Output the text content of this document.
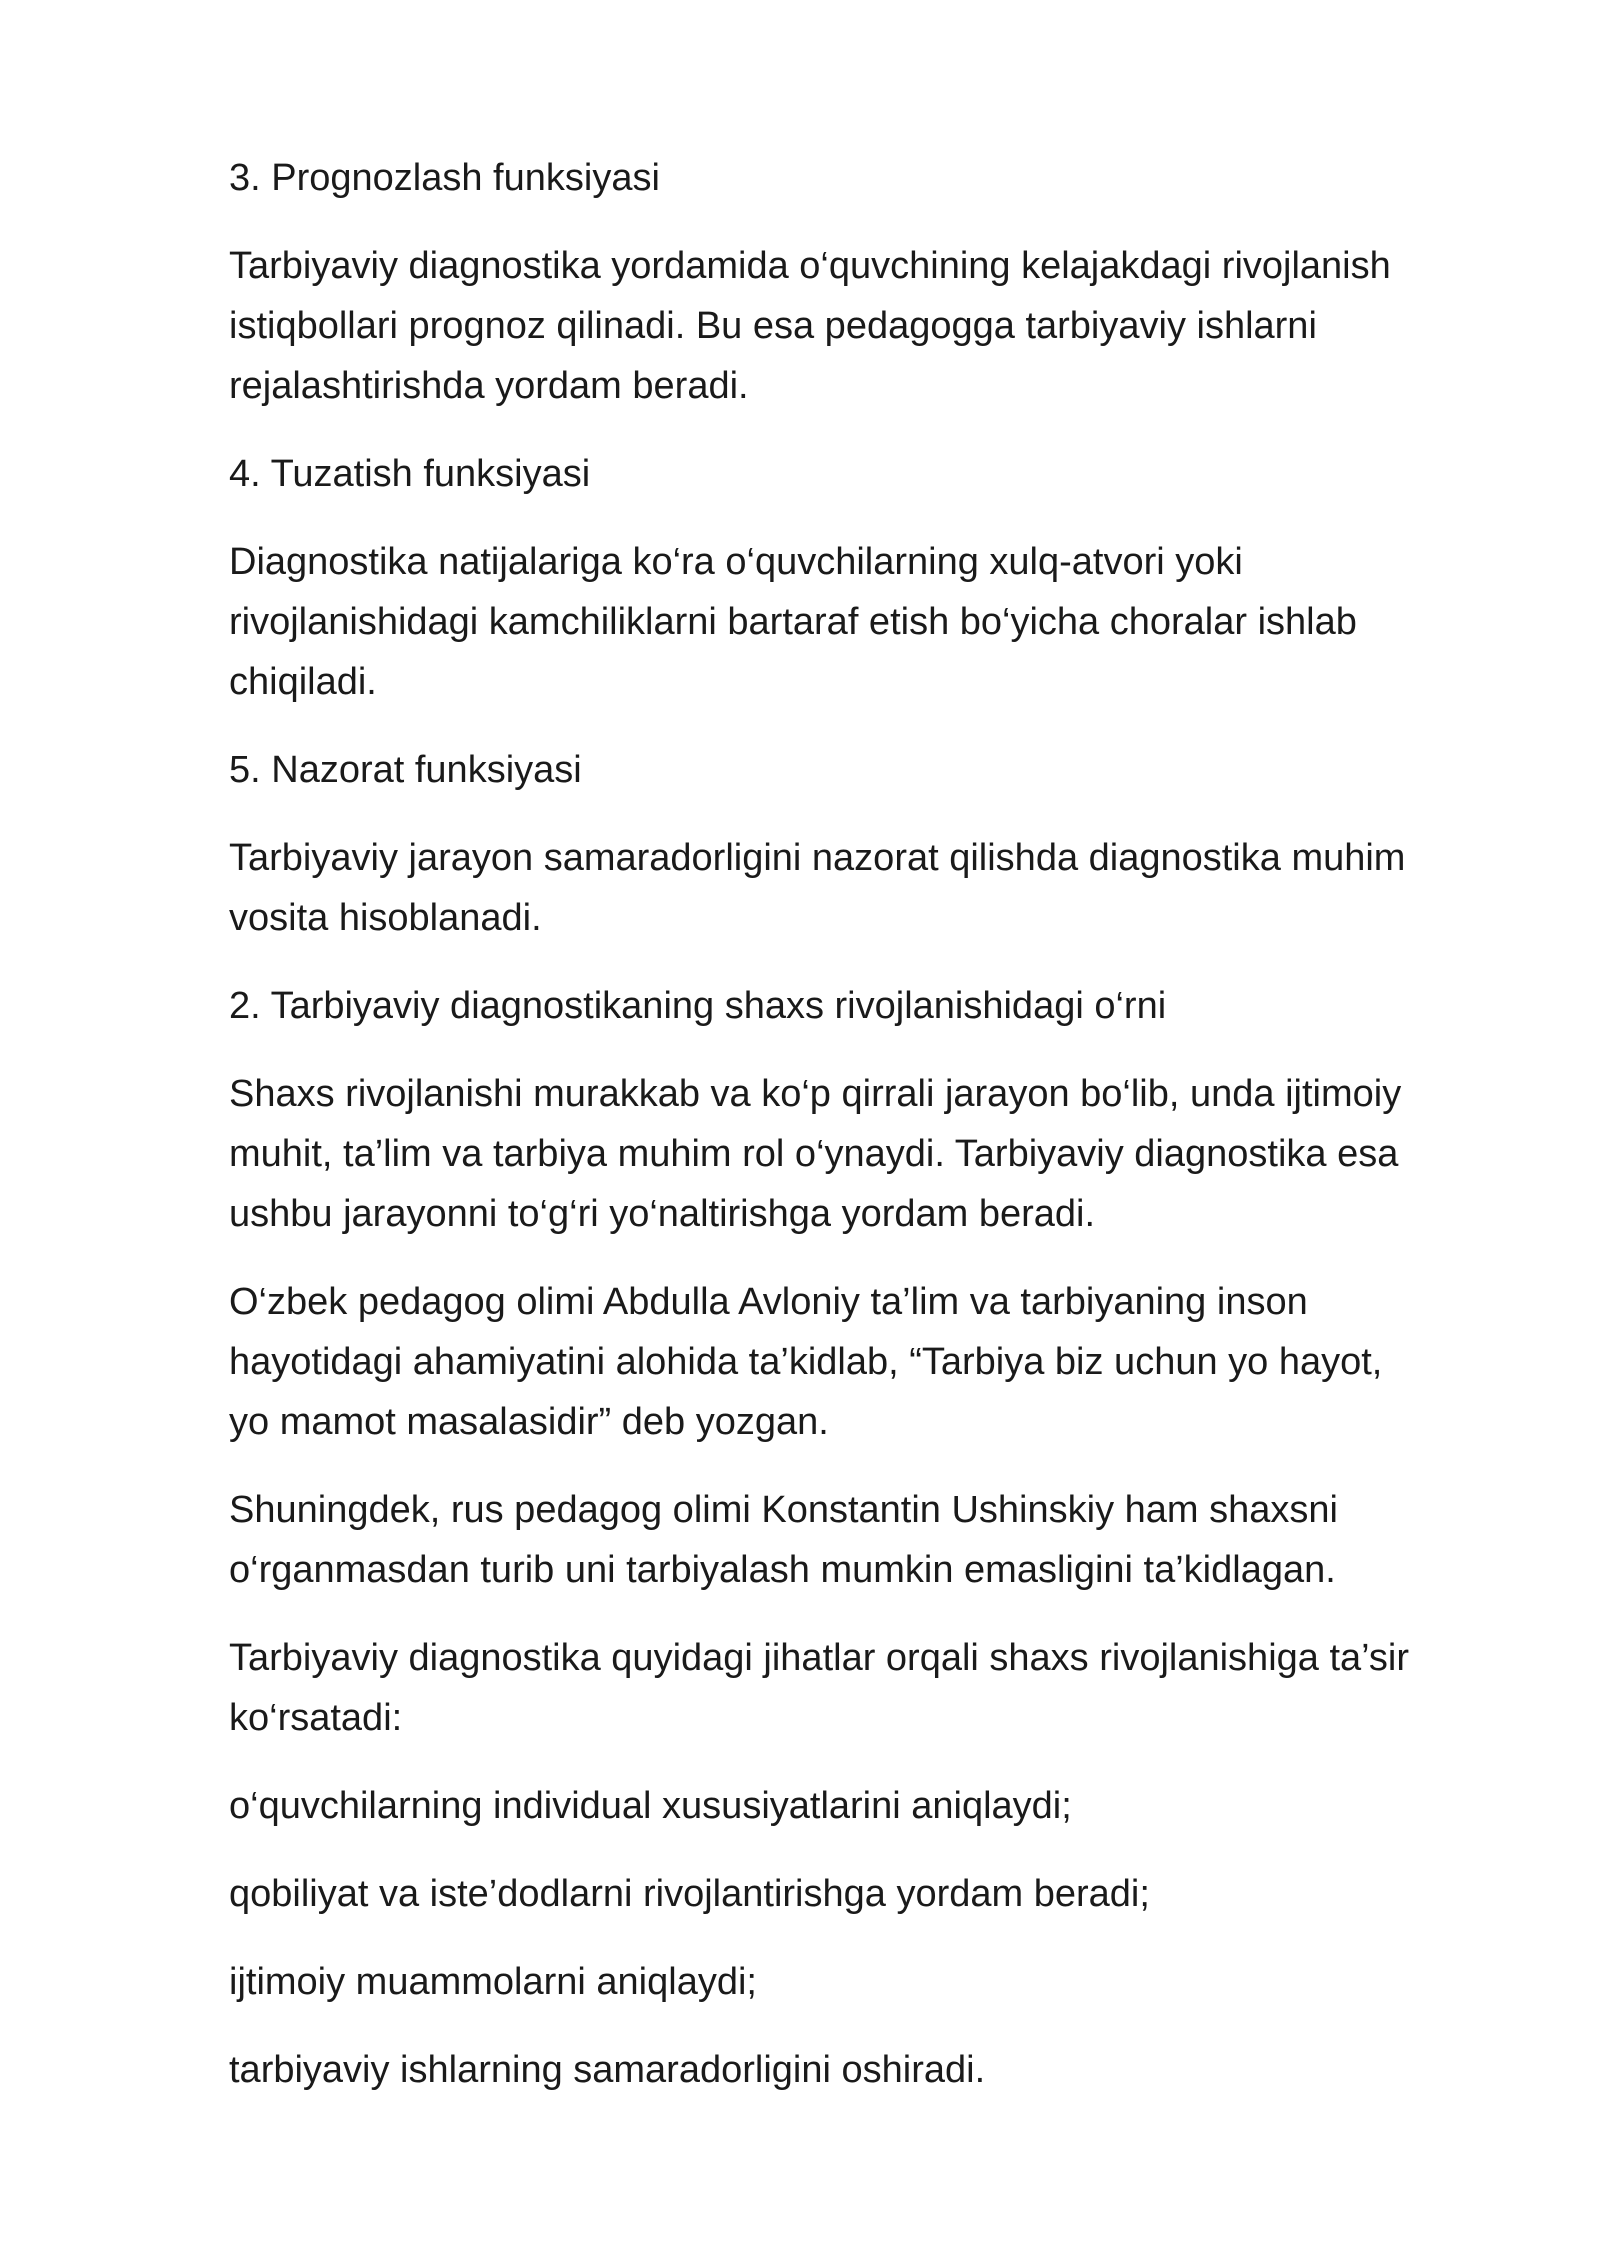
3. Prognozlash funksiyasi

Tarbiyaviy diagnostika yordamida o‘quvchining kelajakdagi rivojlanish
istiqbollari prognoz qilinadi. Bu esa pedagogga tarbiyaviy ishlarni
rejalashtirishda yordam beradi.

4. Tuzatish funksiyasi

Diagnostika natijalariga ko‘ra o‘quvchilarning xulq-atvori yoki
rivojlanishidagi kamchiliklarni bartaraf etish bo‘yicha choralar ishlab
chiqiladi.

5. Nazorat funksiyasi

Tarbiyaviy jarayon samaradorligini nazorat qilishda diagnostika muhim
vosita hisoblanadi.

2. Tarbiyaviy diagnostikaning shaxs rivojlanishidagi o‘rni

Shaxs rivojlanishi murakkab va ko‘p qirrali jarayon bo‘lib, unda ijtimoiy
muhit, ta’lim va tarbiya muhim rol o‘ynaydi. Tarbiyaviy diagnostika esa
ushbu jarayonni to‘g‘ri yo‘naltirishga yordam beradi.

O‘zbek pedagog olimi Abdulla Avloniy ta’lim va tarbiyaning inson
hayotidagi ahamiyatini alohida ta’kidlab, “Tarbiya biz uchun yo hayot,
yo mamot masalasidir” deb yozgan.

Shuningdek, rus pedagog olimi Konstantin Ushinskiy ham shaxsni
o‘rganmasdan turib uni tarbiyalash mumkin emasligini ta’kidlagan.

Tarbiyaviy diagnostika quyidagi jihatlar orqali shaxs rivojlanishiga ta’sir
ko‘rsatadi:

o‘quvchilarning individual xususiyatlarini aniqlaydi;

qobiliyat va iste’dodlarni rivojlantirishga yordam beradi;

ijtimoiy muammolarni aniqlaydi;

tarbiyaviy ishlarning samaradorligini oshiradi.
